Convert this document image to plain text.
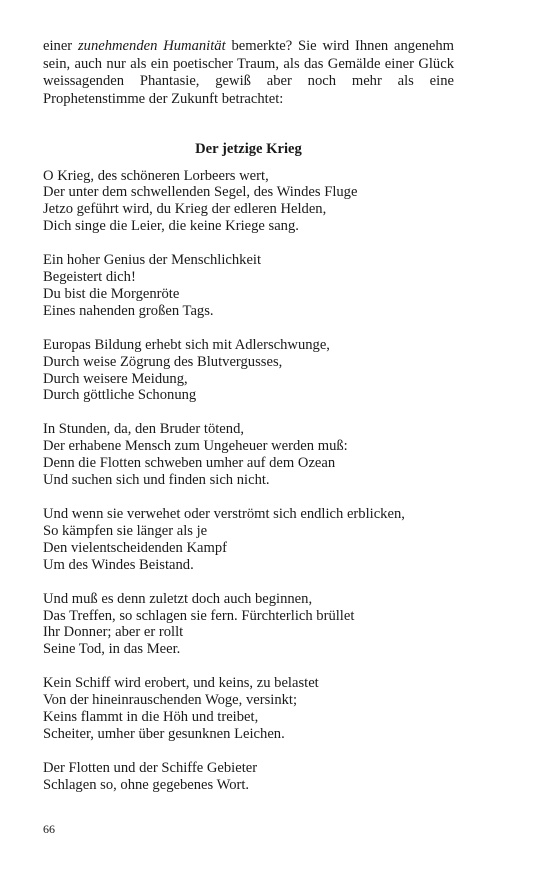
einer zunehmenden Humanität bemerkte? Sie wird Ihnen angenehm sein, auch nur als ein poetischer Traum, als das Gemälde einer Glück weissagenden Phantasie, gewiß aber noch mehr als eine Prophetenstimme der Zukunft betrachtet:

Der jetzige Krieg
O Krieg, des schöneren Lorbeers wert,
Der unter dem schwellenden Segel, des Windes Fluge
Jetzo geführt wird, du Krieg der edleren Helden,
Dich singe die Leier, die keine Kriege sang.
Ein hoher Genius der Menschlichkeit
Begeistert dich!
Du bist die Morgenröte
Eines nahenden großen Tags.
Europas Bildung erhebt sich mit Adlerschwunge,
Durch weise Zögrung des Blutvergusses,
Durch weisere Meidung,
Durch göttliche Schonung
In Stunden, da, den Bruder tötend,
Der erhabene Mensch zum Ungeheuer werden muß:
Denn die Flotten schweben umher auf dem Ozean
Und suchen sich und finden sich nicht.
Und wenn sie verwehet oder verströmt sich endlich erblicken,
So kämpfen sie länger als je
Den vielentscheidenden Kampf
Um des Windes Beistand.
Und muß es denn zuletzt doch auch beginnen,
Das Treffen, so schlagen sie fern. Fürchterlich brüllet
Ihr Donner; aber er rollt
Seine Tod, in das Meer.
Kein Schiff wird erobert, und keins, zu belastet
Von der hineinrauschenden Woge, versinkt;
Keins flammt in die Höh und treibet,
Scheiter, umher über gesunknen Leichen.
Der Flotten und der Schiffe Gebieter
Schlagen so, ohne gegebenes Wort.
66
